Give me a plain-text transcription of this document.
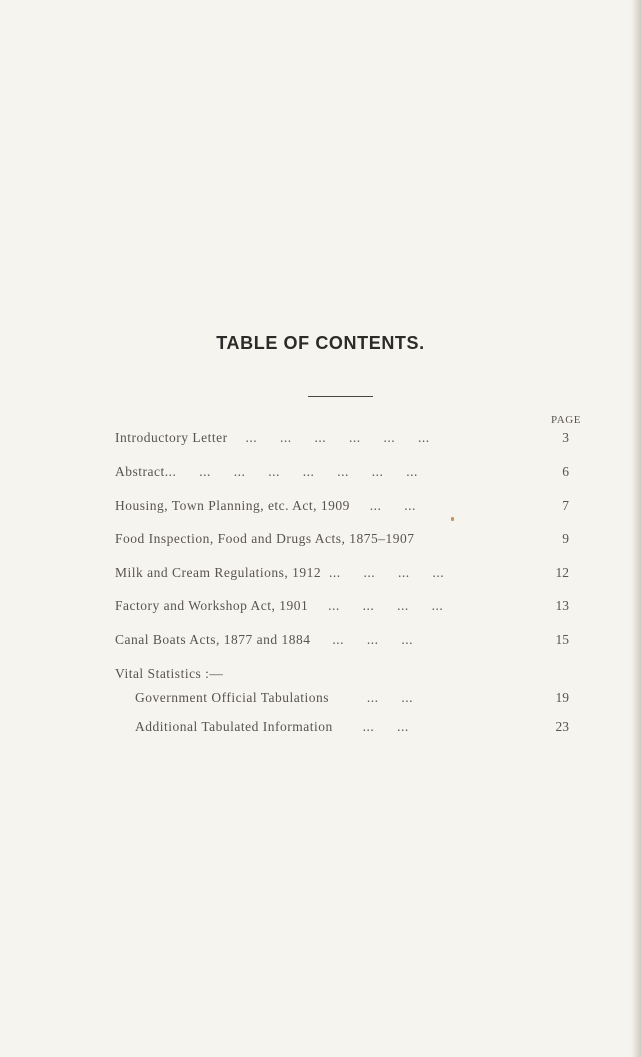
TABLE OF CONTENTS.
PAGE
Introductory Letter ... ... ... ... ... ...	3
Abstract... ... ... ... ... ... ... ...	6
Housing, Town Planning, etc. Act, 1909 ... ...	7
Food Inspection, Food and Drugs Acts, 1875–1907	9
Milk and Cream Regulations, 1912 ... ... ... ...	12
Factory and Workshop Act, 1901 ... ... ... ...	13
Canal Boats Acts, 1877 and 1884 ... ... ...	15
Vital Statistics :—
Government Official Tabulations	... ...	19
Additional Tabulated Information ... ...	23
